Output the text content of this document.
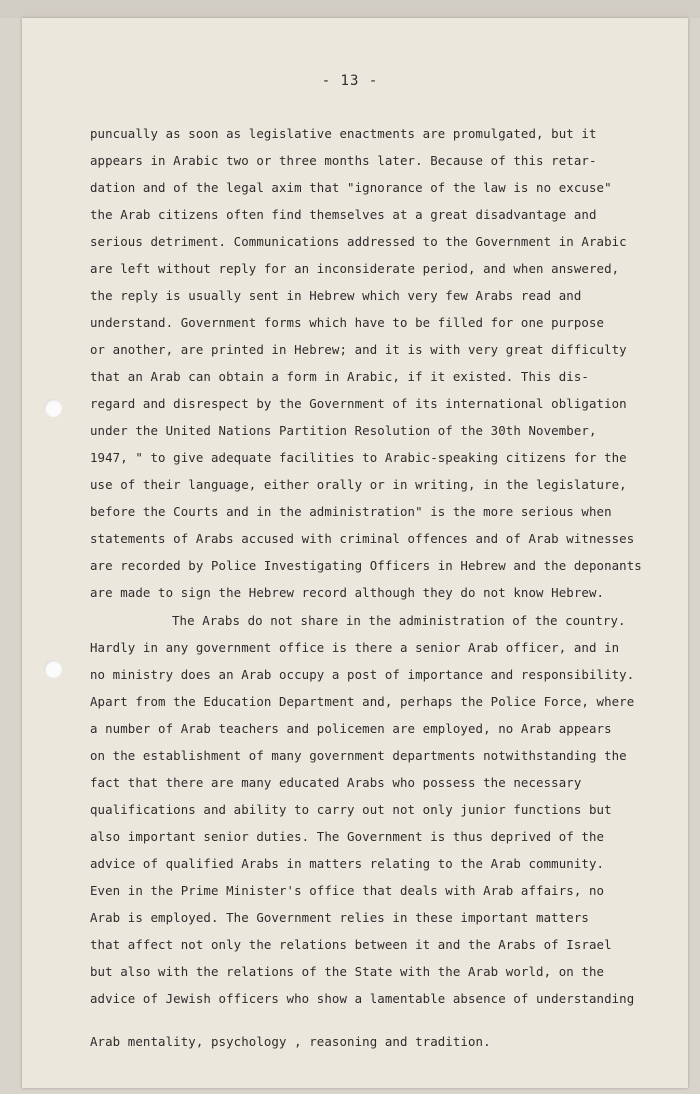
- 13 -
puncually as soon as legislative enactments are promulgated, but it
appears in Arabic two or three months later. Because of this retar-
dation and of the legal axim that "ignorance of the law is no excuse"
the Arab citizens often find themselves at a great disadvantage and
serious detriment. Communications addressed to the Government in Arabic
are left without reply for an inconsiderate period, and when answered,
the reply is usually sent in Hebrew which very few Arabs read and
understand. Government forms which have to be filled for one purpose
or another, are printed in Hebrew; and it is with very great difficulty
that an Arab can obtain a form in Arabic, if it existed. This dis-
regard and disrespect by the Government of its international obligation
under the United Nations Partition Resolution of the 30th November,
1947, " to give adequate facilities to Arabic-speaking citizens for the
use of their language, either orally or in writing, in the legislature,
before the Courts and in the administration" is the more serious when
statements of Arabs accused with criminal offences and of Arab witnesses
are recorded by Police Investigating Officers in Hebrew and the deponants
are made to sign the Hebrew record although they do not know Hebrew.
The Arabs do not share in the administration of the country.
Hardly in any government office is there a senior Arab officer, and in
no ministry does an Arab occupy a post of importance and responsibility.
Apart from the Education Department and, perhaps the Police Force, where
a number of Arab teachers and policemen are employed, no Arab appears
on the establishment of many government departments notwithstanding the
fact that there are many educated Arabs who possess the necessary
qualifications and ability to carry out not only junior functions but
also important senior duties. The Government is thus deprived of the
advice of qualified Arabs in matters relating to the Arab community.
Even in the Prime Minister's office that deals with Arab affairs, no
Arab is employed. The Government relies in these important matters
that affect not only the relations between it and the Arabs of Israel
but also with the relations of the State with the Arab world, on the
advice of Jewish officers who show a lamentable absence of understanding
Arab mentality, psychology , reasoning and tradition.
